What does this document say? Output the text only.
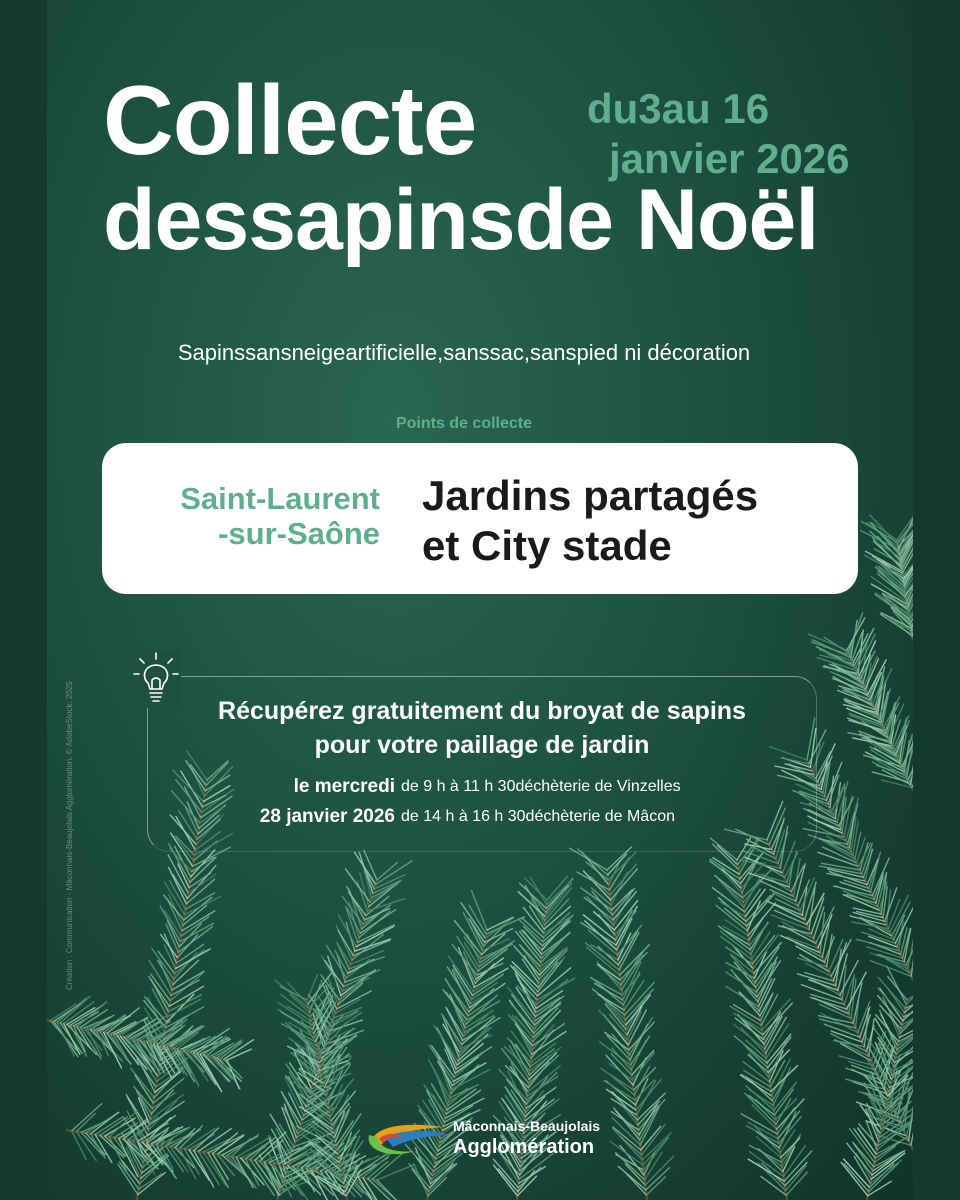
Collecte
dessapinsde Noël
du3au 16
janvier 2026

Sapinssansneigeartificielle,sanssac,sanspied ni décoration

Points de collecte

Saint-Laurent
-sur-Saône
Jardins partagés
et City stade
Récupérez gratuitement du broyat de sapins
pour votre paillage de jardin
le mercredi
28 janvier 2026
de 9 h à 11 h 30déchèterie de Vinzelles
de 14 h à 16 h 30déchèterie de Mâcon
Création : Communication - Mâconnais-Beaujolais Agglomération, © AdobeStock, 2025
Mâconnais-Beaujolais
Agglomération
